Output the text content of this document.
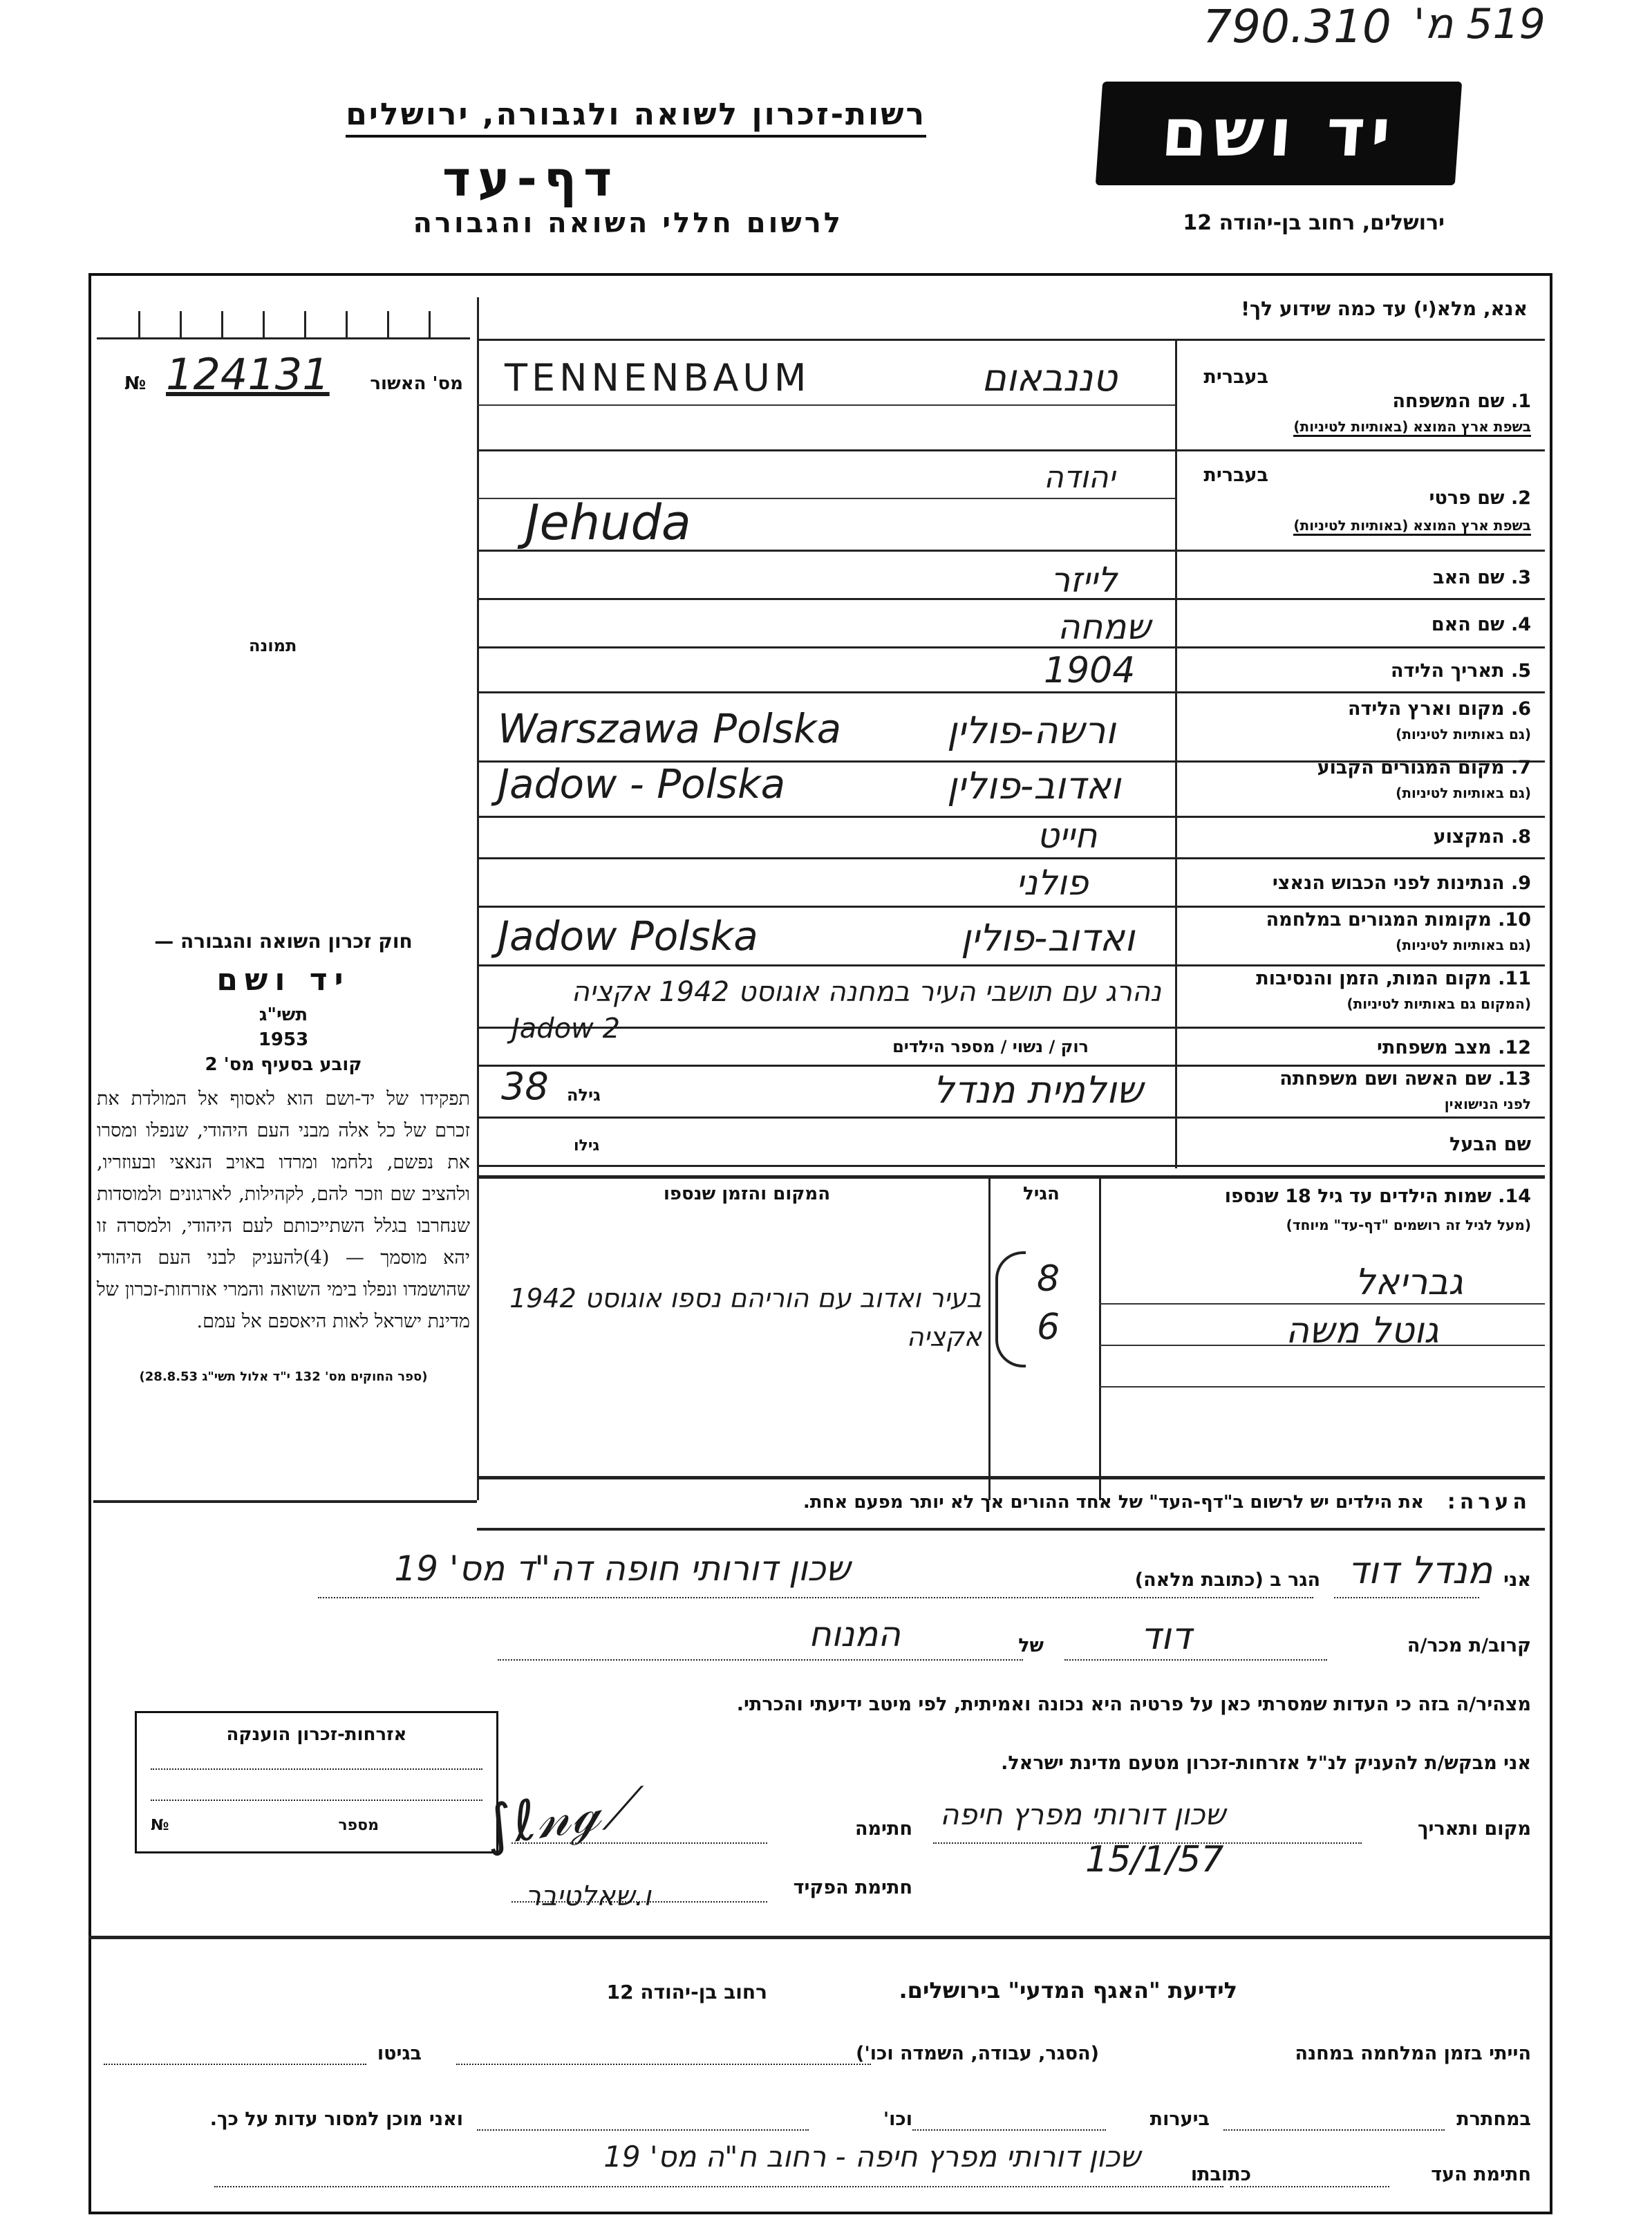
790.310 519 מ'
יד ושם
רשות-זכרון לשואה ולגבורה, ירושלים
דף-עד
לרשום חללי השואה והגבורה	ירושלים, רחוב בן-יהודה 12
אנא, מלא(י) עד כמה שידוע לך!
מס' האשור
124131
№
תמונה
חוק זכרון השואה והגבורה —
יד ושם
תשי"ג
1953
קובע בסעיף מס' 2
תפקידו של יד-ושם הוא לאסוף אל המולדת את זכרם של כל אלה מבני העם היהודי, שנפלו ומסרו את נפשם, נלחמו ומרדו באויב הנאצי ובעוזריו, ולהציב שם וזכר להם, לקהילות, לארגונים ולמוסדות שנחרבו בגלל השתייכותם לעם היהודי, ולמסרה זו יהא מוסמך — (4)להעניק לבני העם היהודי שהושמדו ונפלו בימי השואה והמרי אזרחות-זכרון של מדינת ישראל לאות היאספם אל עמם.
(ספר החוקים מס' 132 י"ד אלול תשי"ג 28.8.53)
בעברית
1. שם המשפחה
בשפת ארץ המוצא (באותיות לטיניות)
טננבאום
TENNENBAUM
בעברית
2. שם פרטי
בשפת ארץ המוצא (באותיות לטיניות)
יהודה
Jehuda
3. שם האב
לייזר
4. שם האם
שמחה
5. תאריך הלידה
1904
6. מקום וארץ הלידה
(גם באותיות לטיניות)
ורשה-פולין
Warszawa Polska
7. מקום המגורים הקבוע
(גם באותיות לטיניות)
ואדוב-פולין
Jadow - Polska
8. המקצוע
חייט
9. הנתינות לפני הכבוש הנאצי
פולני
10. מקומות המגורים במלחמה
(גם באותיות לטיניות)
ואדוב-פולין
Jadow Polska
11. מקום המות, הזמן והנסיבות
(המקום גם באותיות לטיניות)
נהרג עם תושבי העיר במחנה אוגוסט 1942 אקציה
Jadow 2
12. מצב משפחתי
רוק / נשוי / מספר הילדים
13. שם האשה ושם משפחתה
לפני הנישואין
שולמית מנדל
גילה
38
שם הבעל
גילו
14. שמות הילדים עד גיל 18 שנספו
(מעל לגיל זה רושמים "דף-עד" מיוחד)
הגיל
המקום והזמן שנספו
גבריאל
8
גוטל משה
6
בעיר ואדוב עם הוריהם נספו אוגוסט 1942 אקציה
הערה:
את הילדים יש לרשום ב"דף-העד" של אחד ההורים אך לא יותר מפעם אחת.
אני
מנדל דוד
הגר ב (כתובת מלאה)
שכון דורותי חופה דה"ד מס' 19
קרוב/ת מכר/ה
דוד
של
המנוח
מצהיר/ה בזה כי העדות שמסרתי כאן על פרטיה היא נכונה ואמיתית, לפי מיטב ידיעתי והכרתי.
אני מבקש/ת להעניק לנ"ל אזרחות-זכרון מטעם מדינת ישראל.
אזרחות-זכרון הוענקה
מספר
№	מקום ותאריך
שכון דורותי מפרץ חיפה
15/1/57
חתימה
∫ℓ𝓃ℊ⟋
חתימת הפקיד
ו.שאלטיבר
לידיעת "האגף המדעי" בירושלים.
רחוב בן-יהודה 12
הייתי בזמן המלחמה במחנה
(הסגר, עבודה, השמדה וכו')
בגיטו
במחתרת
ביערות
וכו'
ואני מוכן למסור עדות על כך.
חתימת העד
כתובתו
שכון דורותי מפרץ חיפה - רחוב ח"ה מס' 19
